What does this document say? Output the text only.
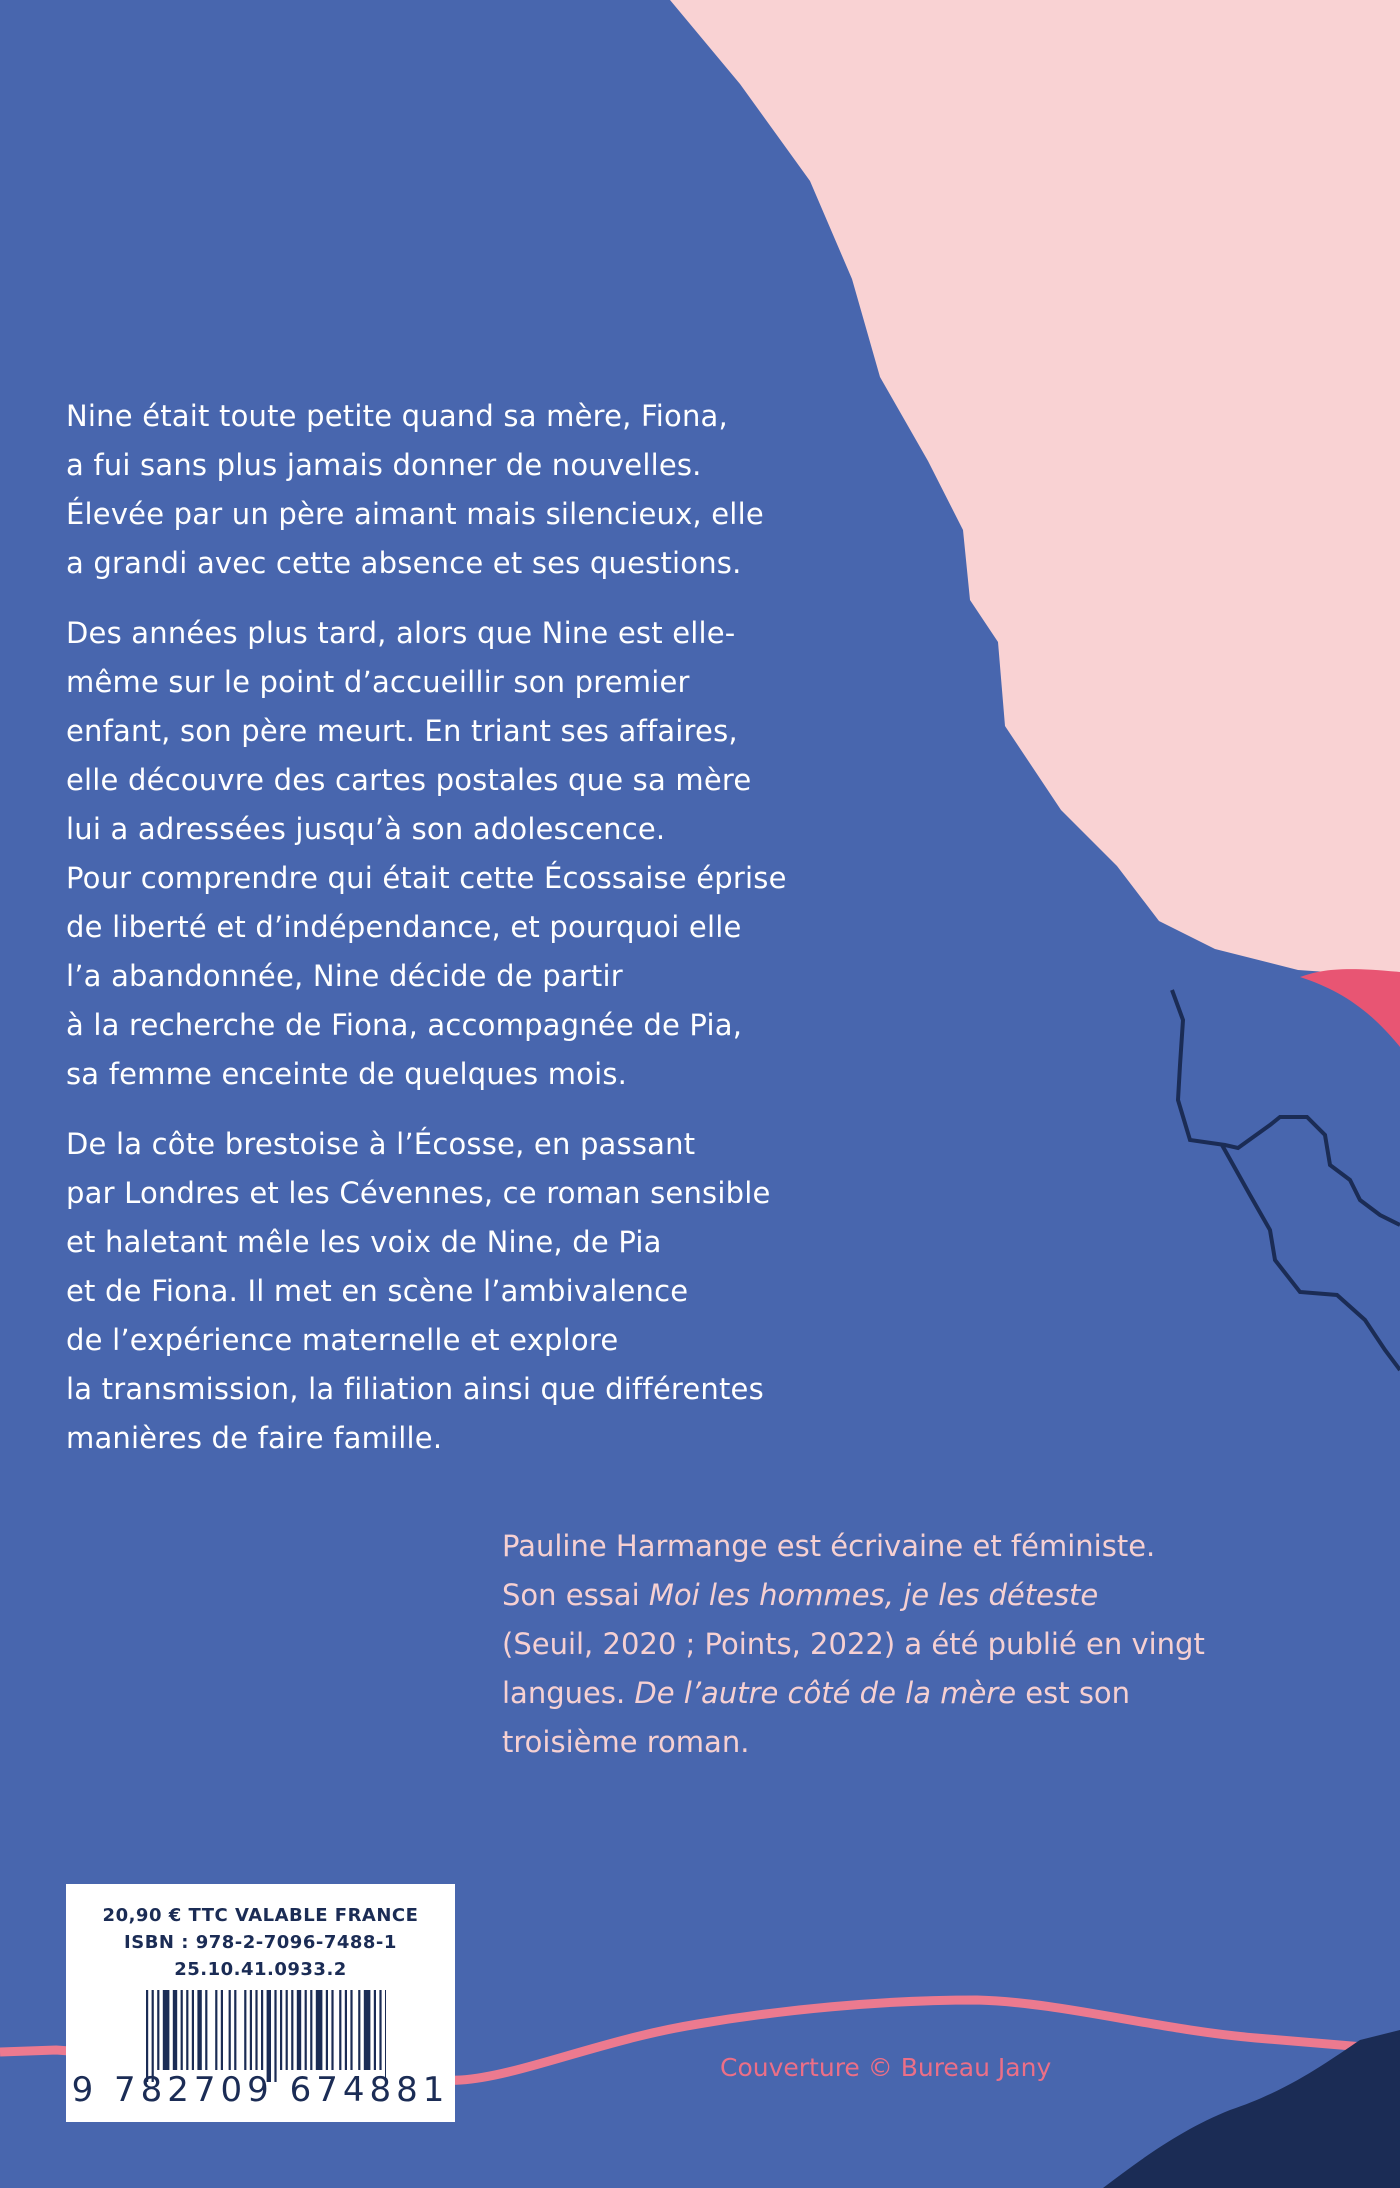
Nine était toute petite quand sa mère, Fiona,
a fui sans plus jamais donner de nouvelles.
Élevée par un père aimant mais silencieux, elle
a grandi avec cette absence et ses questions.

Des années plus tard, alors que Nine est elle-
même sur le point d’accueillir son premier
enfant, son père meurt. En triant ses affaires,
elle découvre des cartes postales que sa mère
lui a adressées jusqu’à son adolescence.
Pour comprendre qui était cette Écossaise éprise
de liberté et d’indépendance, et pourquoi elle
l’a abandonnée, Nine décide de partir
à la recherche de Fiona, accompagnée de Pia,
sa femme enceinte de quelques mois.

De la côte brestoise à l’Écosse, en passant
par Londres et les Cévennes, ce roman sensible
et haletant mêle les voix de Nine, de Pia
et de Fiona. Il met en scène l’ambivalence
de l’expérience maternelle et explore
la transmission, la filiation ainsi que différentes
manières de faire famille.

Pauline Harmange est écrivaine et féministe.
Son essai Moi les hommes, je les déteste
(Seuil, 2020 ; Points, 2022) a été publié en vingt
langues. De l’autre côté de la mère est son
troisième roman.
20,90 € TTC VALABLE FRANCE
ISBN : 978-2-7096-7488-1
25.10.41.0933.2
9 782709 674881
Couverture © Bureau Jany
